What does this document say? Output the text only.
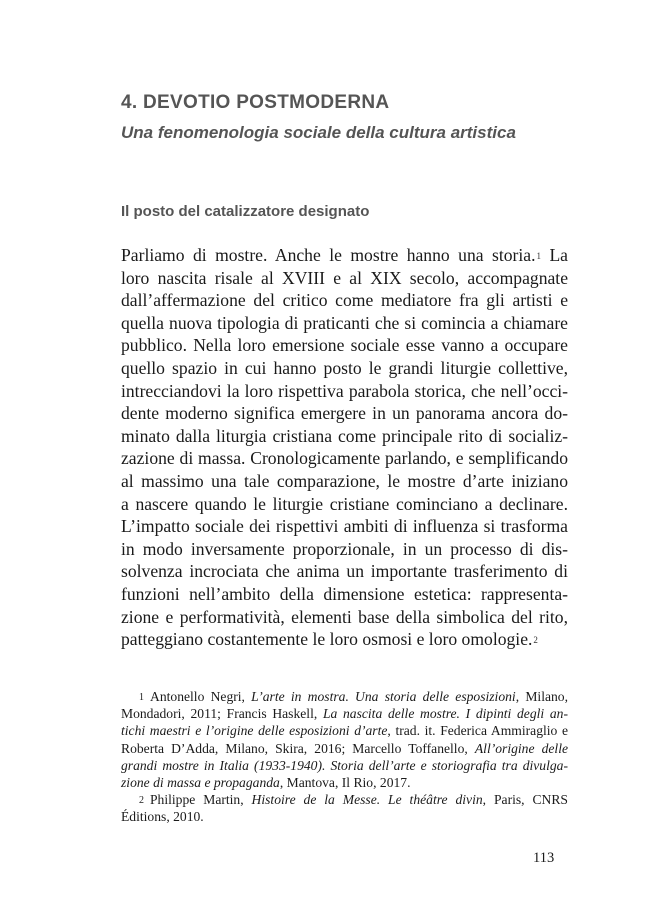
4. DEVOTIO POSTMODERNA
Una fenomenologia sociale della cultura artistica
Il posto del catalizzatore designato
Parliamo di mostre. Anche le mostre hanno una storia.$^1$ La
loro nascita risale al XVIII e al XIX secolo, accompagnate
dall’affermazione del critico come mediatore fra gli artisti e
quella nuova tipologia di praticanti che si comincia a chiamare
pubblico. Nella loro emersione sociale esse vanno a occupare
quello spazio in cui hanno posto le grandi liturgie collettive,
intrecciandovi la loro rispettiva parabola storica, che nell’occi-
dente moderno significa emergere in un panorama ancora do-
minato dalla liturgia cristiana come principale rito di socializ-
zazione di massa. Cronologicamente parlando, e semplificando
al massimo una tale comparazione, le mostre d’arte iniziano
a nascere quando le liturgie cristiane cominciano a declinare.
L’impatto sociale dei rispettivi ambiti di influenza si trasforma
in modo inversamente proporzionale, in un processo di dis-
solvenza incrociata che anima un importante trasferimento di
funzioni nell’ambito della dimensione estetica: rappresenta-
zione e performatività, elementi base della simbolica del rito,
patteggiano costantemente le loro osmosi e loro omologie.$^2$
$^1$ Antonello Negri, L’arte in mostra. Una storia delle esposizioni, Milano,
Mondadori, 2011; Francis Haskell, La nascita delle mostre. I dipinti degli an-
tichi maestri e l’origine delle esposizioni d’arte, trad. it. Federica Ammiraglio e
Roberta D’Adda, Milano, Skira, 2016; Marcello Toffanello, All’origine delle
grandi mostre in Italia (1933-1940). Storia dell’arte e storiografia tra divulga-
zione di massa e propaganda, Mantova, Il Rio, 2017.
$^2$ Philippe Martin, Histoire de la Messe. Le théâtre divin, Paris, CNRS
Éditions, 2010.
113
